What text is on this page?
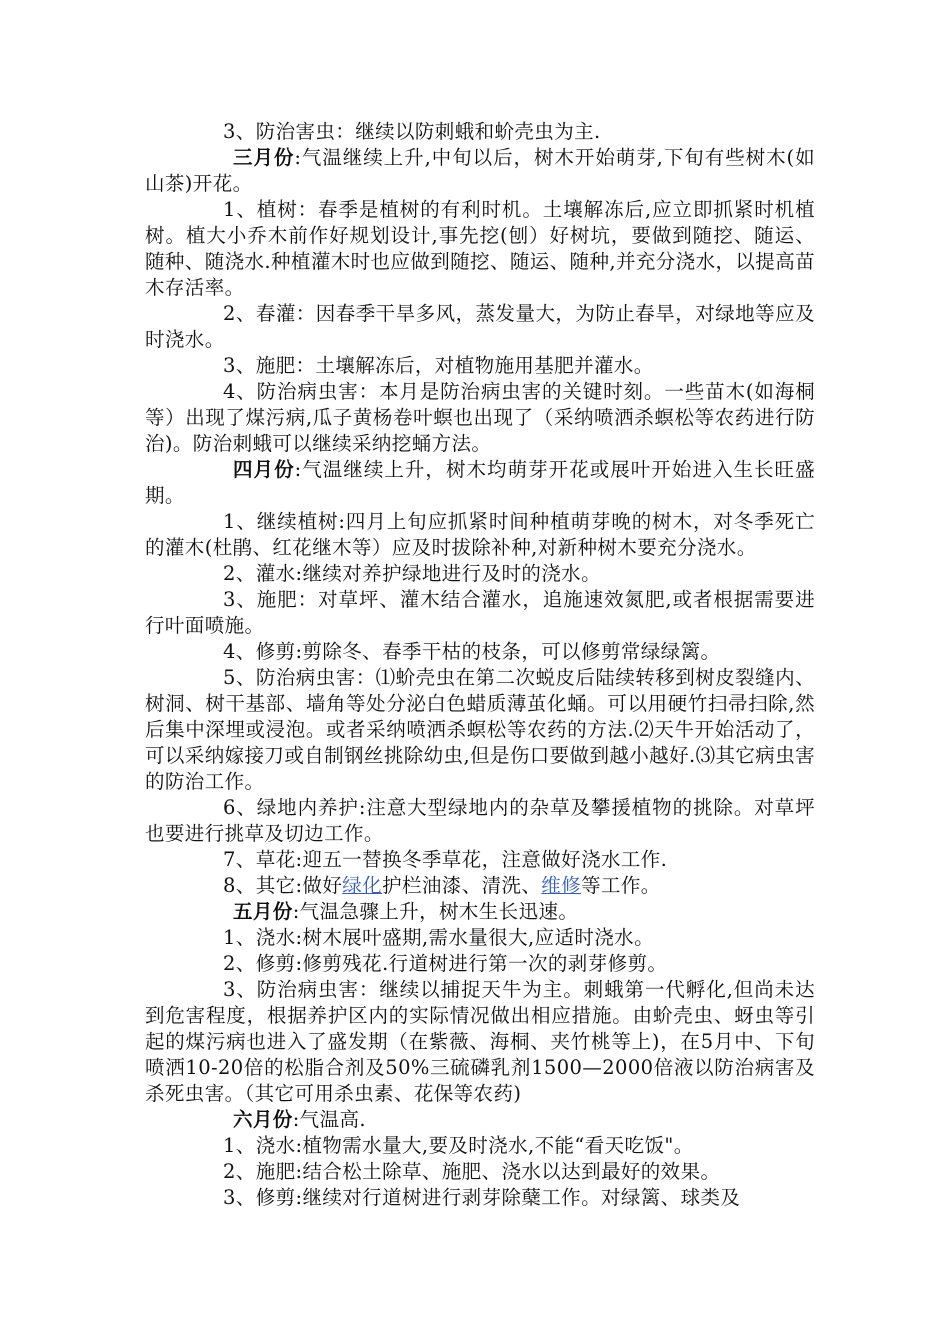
3、防治害虫：继续以防刺蛾和蚧壳虫为主.

三月份:气温继续上升,中旬以后，树木开始萌芽,下旬有些树木(如山茶)开花。

1、植树：春季是植树的有利时机。土壤解冻后,应立即抓紧时机植树。植大小乔木前作好规划设计,事先挖(刨）好树坑，要做到随挖、随运、随种、随浇水.种植灌木时也应做到随挖、随运、随种,并充分浇水，以提高苗木存活率。

2、春灌：因春季干旱多风，蒸发量大，为防止春旱，对绿地等应及时浇水。

3、施肥：土壤解冻后，对植物施用基肥并灌水。

4、防治病虫害：本月是防治病虫害的关键时刻。一些苗木(如海桐等）出现了煤污病,瓜子黄杨卷叶螟也出现了（采纳喷洒杀螟松等农药进行防治)。防治刺蛾可以继续采纳挖蛹方法。

四月份:气温继续上升，树木均萌芽开花或展叶开始进入生长旺盛期。

1、继续植树:四月上旬应抓紧时间种植萌芽晚的树木，对冬季死亡的灌木(杜鹃、红花继木等）应及时拔除补种,对新种树木要充分浇水。

2、灌水:继续对养护绿地进行及时的浇水。

3、施肥：对草坪、灌木结合灌水，追施速效氮肥,或者根据需要进行叶面喷施。

4、修剪:剪除冬、春季干枯的枝条，可以修剪常绿绿篱。

5、防治病虫害：⑴蚧壳虫在第二次蜕皮后陆续转移到树皮裂缝内、树洞、树干基部、墙角等处分泌白色蜡质薄茧化蛹。可以用硬竹扫帚扫除,然后集中深埋或浸泡。或者采纳喷洒杀螟松等农药的方法.⑵天牛开始活动了，可以采纳嫁接刀或自制钢丝挑除幼虫,但是伤口要做到越小越好.⑶其它病虫害的防治工作。

6、绿地内养护:注意大型绿地内的杂草及攀援植物的挑除。对草坪也要进行挑草及切边工作。

7、草花:迎五一替换冬季草花，注意做好浇水工作.

8、其它:做好绿化护栏油漆、清洗、维修等工作。

五月份:气温急骤上升，树木生长迅速。

1、浇水:树木展叶盛期,需水量很大,应适时浇水。

2、修剪:修剪残花.行道树进行第一次的剥芽修剪。

3、防治病虫害：继续以捕捉天牛为主。刺蛾第一代孵化,但尚未达到危害程度，根据养护区内的实际情况做出相应措施。由蚧壳虫、蚜虫等引起的煤污病也进入了盛发期（在紫薇、海桐、夹竹桃等上)，在5月中、下旬喷洒10-20倍的松脂合剂及50%三硫磷乳剂1500—2000倍液以防治病害及杀死虫害。（其它可用杀虫素、花保等农药)

六月份:气温高.

1、浇水:植物需水量大,要及时浇水,不能“看天吃饭"。

2、施肥:结合松土除草、施肥、浇水以达到最好的效果。

3、修剪:继续对行道树进行剥芽除蘖工作。对绿篱、球类及
